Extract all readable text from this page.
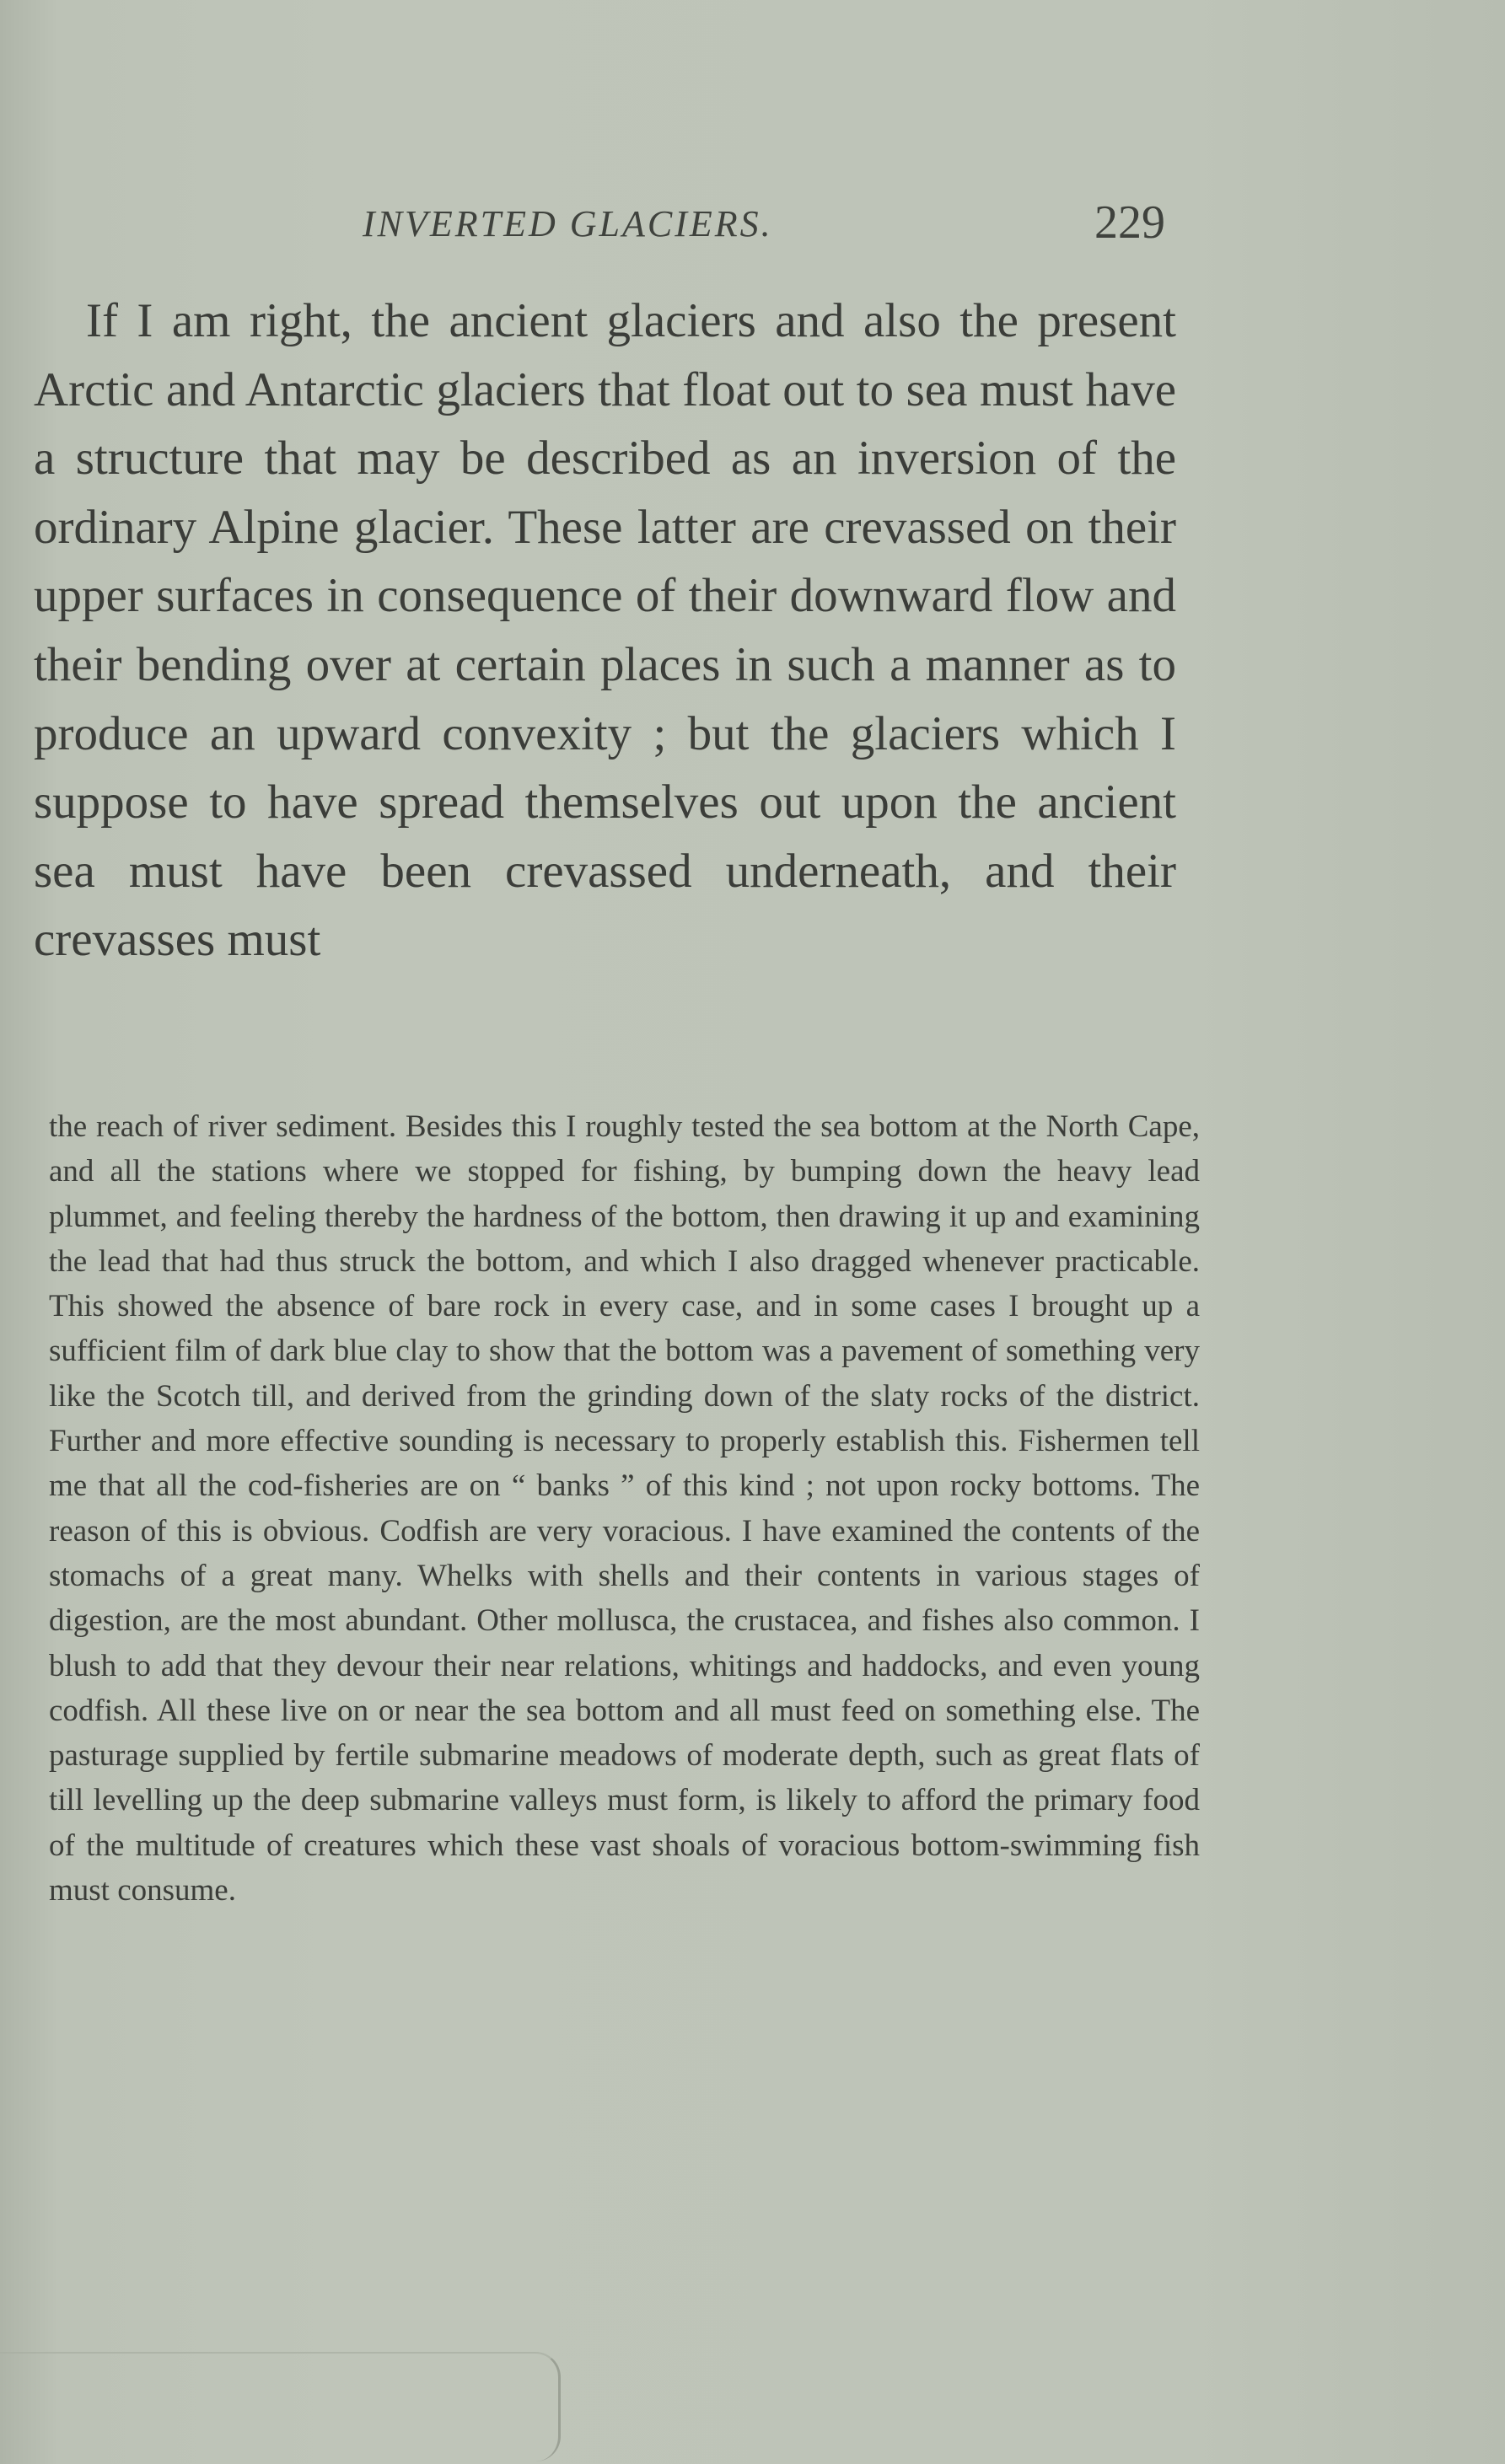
INVERTED GLACIERS.	229

If I am right, the ancient glaciers and also the present Arctic and Antarctic glaciers that float out to sea must have a structure that may be described as an inversion of the ordinary Alpine glacier. These latter are crevassed on their upper surfaces in consequence of their downward flow and their bending over at certain places in such a manner as to produce an upward convexity ; but the glaciers which I suppose to have spread themselves out upon the ancient sea must have been crevassed underneath, and their crevasses must

the reach of river sediment. Besides this I roughly tested the sea bottom at the North Cape, and all the stations where we stopped for fishing, by bumping down the heavy lead plummet, and feeling thereby the hardness of the bottom, then drawing it up and examining the lead that had thus struck the bottom, and which I also dragged whenever practicable. This showed the absence of bare rock in every case, and in some cases I brought up a sufficient film of dark blue clay to show that the bottom was a pavement of something very like the Scotch till, and derived from the grinding down of the slaty rocks of the district. Further and more effective sounding is necessary to properly establish this. Fishermen tell me that all the cod-fisheries are on “ banks ” of this kind ; not upon rocky bottoms. The reason of this is obvious. Codfish are very voracious. I have examined the contents of the stomachs of a great many. Whelks with shells and their contents in various stages of digestion, are the most abundant. Other mollusca, the crustacea, and fishes also common. I blush to add that they devour their near relations, whitings and haddocks, and even young codfish. All these live on or near the sea bottom and all must feed on something else. The pasturage supplied by fertile submarine meadows of moderate depth, such as great flats of till levelling up the deep submarine valleys must form, is likely to afford the primary food of the multitude of creatures which these vast shoals of voracious bottom-swimming fish must consume.
